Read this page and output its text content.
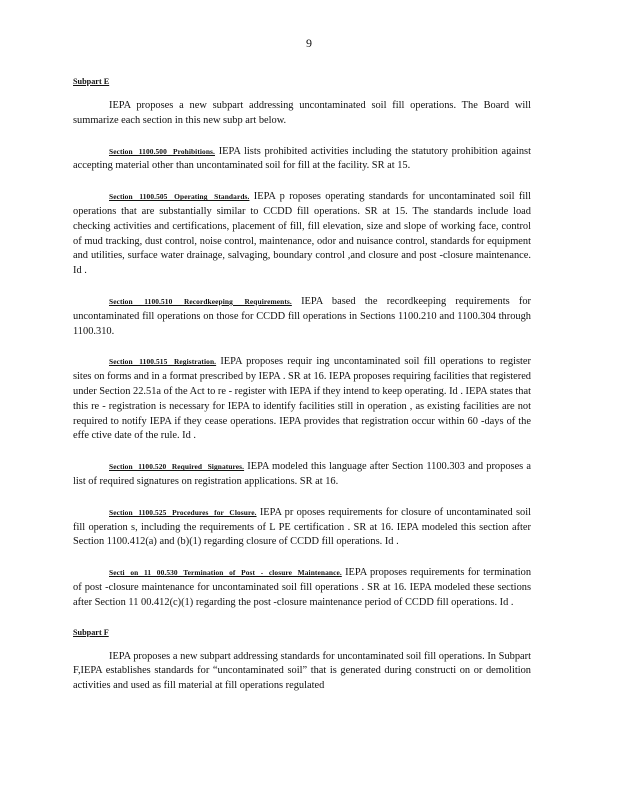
9
Subpart E

IEPA proposes a new subpart addressing uncontaminated soil fill operations. The Board will summarize each section in this new subp art below.

Section 1100.500 Prohibitions. IEPA lists prohibited activities including the statutory prohibition against accepting material other than uncontaminated soil for fill at the facility. SR at 15.

Section 1100.505 Operating Standards. IEPA p roposes operating standards for uncontaminated soil fill operations that are substantially similar to CCDD fill operations. SR at 15. The standards include load checking activities and certifications, placement of fill, fill elevation, size and slope of working face, control of mud tracking, dust control, noise control, maintenance, odor and nuisance control, standards for equipment and utilities, surface water drainage, salvaging, boundary control ,and closure and post -closure maintenance. Id .

Section 1100.510 Recordkeeping Requirements. IEPA based the recordkeeping requirements for uncontaminated fill operations on those for CCDD fill operations in Sections 1100.210 and 1100.304 through 1100.310.

Section 1100.515 Registration. IEPA proposes requir ing uncontaminated soil fill operations to register sites on forms and in a format prescribed by IEPA . SR at 16. IEPA proposes requiring facilities that registered under Section 22.51a of the Act to re - register with IEPA if they intend to keep operating. Id . IEPA states that this re - registration is necessary for IEPA to identify facilities still in operation , as existing facilities are not required to notify IEPA if they cease operations. IEPA provides that registration occur within 60 -days of the effe ctive date of the rule. Id .

Section 1100.520 Required Signatures. IEPA modeled this language after Section 1100.303 and proposes a list of required signatures on registration applications. SR at 16.

Section 1100.525 Procedures for Closure. IEPA pr oposes requirements for closure of uncontaminated soil fill operation s, including the requirements of L PE certification . SR at 16. IEPA modeled this section after Section 1100.412(a) and (b)(1) regarding closure of CCDD fill operations. Id .

Secti on 11 00.530 Termination of Post - closure Maintenance. IEPA proposes requirements for termination of post -closure maintenance for uncontaminated soil fill operations . SR at 16. IEPA modeled these sections after Section 11 00.412(c)(1) regarding the post -closure maintenance period of CCDD fill operations. Id .

Subpart F

IEPA proposes a new subpart addressing standards for uncontaminated soil fill operations. In Subpart F,IEPA establishes standards for “uncontaminated soil” that is generated during constructi on or demolition activities and used as fill material at fill operations regulated
